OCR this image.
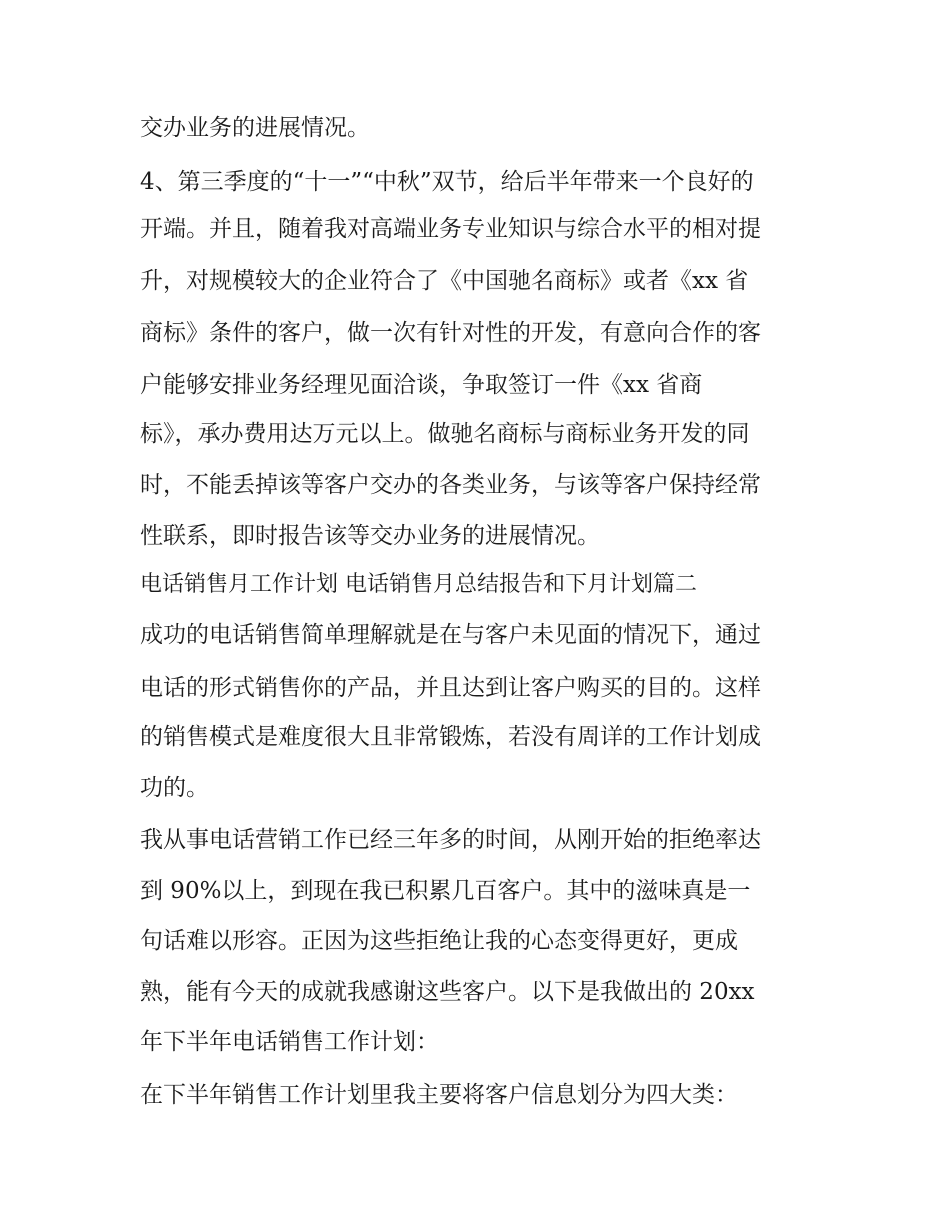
交办业务的进展情况。
4、第三季度的“十一”“中秋”双节，给后半年带来一个良好的
开端。并且，随着我对高端业务专业知识与综合水平的相对提
升，对规模较大的企业符合了《中国驰名商标》或者《xx 省
商标》条件的客户，做一次有针对性的开发，有意向合作的客
户能够安排业务经理见面洽谈，争取签订一件《xx 省商
标》，承办费用达万元以上。做驰名商标与商标业务开发的同
时，不能丢掉该等客户交办的各类业务，与该等客户保持经常
性联系，即时报告该等交办业务的进展情况。
电话销售月工作计划 电话销售月总结报告和下月计划篇二
成功的电话销售简单理解就是在与客户未见面的情况下，通过
电话的形式销售你的产品，并且达到让客户购买的目的。这样
的销售模式是难度很大且非常锻炼，若没有周详的工作计划成
功的。
我从事电话营销工作已经三年多的时间，从刚开始的拒绝率达
到 90%以上，到现在我已积累几百客户。其中的滋味真是一
句话难以形容。正因为这些拒绝让我的心态变得更好，更成
熟，能有今天的成就我感谢这些客户。以下是我做出的 20xx
年下半年电话销售工作计划：
在下半年销售工作计划里我主要将客户信息划分为四大类：
